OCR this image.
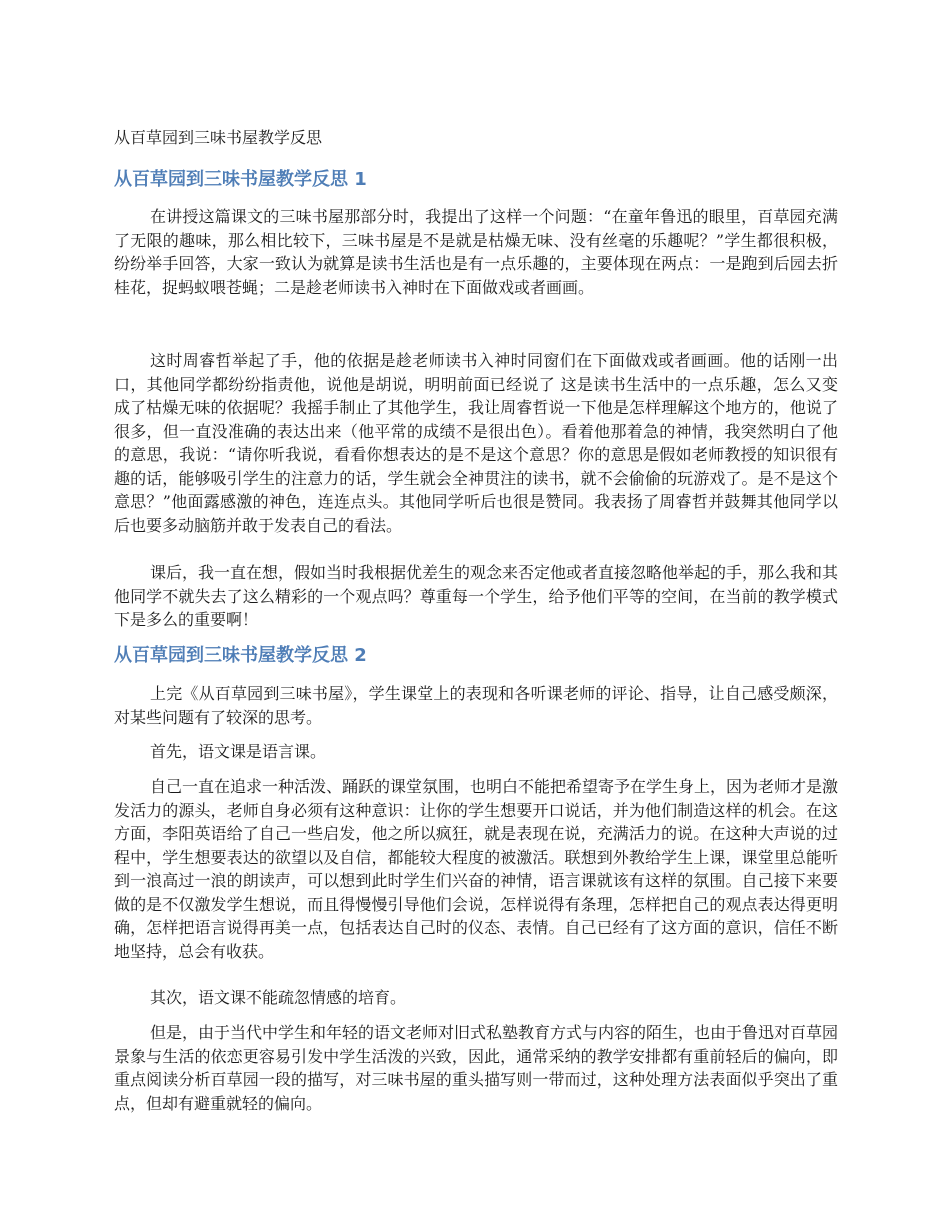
从百草园到三味书屋教学反思
从百草园到三味书屋教学反思 1

在讲授这篇课文的三味书屋那部分时，我提出了这样一个问题：“在童年鲁迅的眼里，百草园充满了无限的趣味，那么相比较下，三味书屋是不是就是枯燥无味、没有丝毫的乐趣呢？”学生都很积极，纷纷举手回答，大家一致认为就算是读书生活也是有一点乐趣的，主要体现在两点：一是跑到后园去折桂花，捉蚂蚁喂苍蝇；二是趁老师读书入神时在下面做戏或者画画。

这时周睿哲举起了手，他的依据是趁老师读书入神时同窗们在下面做戏或者画画。他的话刚一出口，其他同学都纷纷指责他，说他是胡说，明明前面已经说了 这是读书生活中的一点乐趣，怎么又变成了枯燥无味的依据呢？我摇手制止了其他学生，我让周睿哲说一下他是怎样理解这个地方的，他说了很多，但一直没准确的表达出来（他平常的成绩不是很出色）。看着他那着急的神情，我突然明白了他的意思，我说：“请你听我说，看看你想表达的是不是这个意思？你的意思是假如老师教授的知识很有趣的话，能够吸引学生的注意力的话，学生就会全神贯注的读书，就不会偷偷的玩游戏了。是不是这个意思？”他面露感激的神色，连连点头。其他同学听后也很是赞同。我表扬了周睿哲并鼓舞其他同学以后也要多动脑筋并敢于发表自己的看法。

课后，我一直在想，假如当时我根据优差生的观念来否定他或者直接忽略他举起的手，那么我和其他同学不就失去了这么精彩的一个观点吗？尊重每一个学生，给予他们平等的空间，在当前的教学模式下是多么的重要啊！

从百草园到三味书屋教学反思 2

上完《从百草园到三味书屋》，学生课堂上的表现和各听课老师的评论、指导，让自己感受颇深，对某些问题有了较深的思考。

首先，语文课是语言课。

自己一直在追求一种活泼、踊跃的课堂氛围，也明白不能把希望寄予在学生身上，因为老师才是激发活力的源头，老师自身必须有这种意识：让你的学生想要开口说话，并为他们制造这样的机会。在这方面，李阳英语给了自己一些启发，他之所以疯狂，就是表现在说，充满活力的说。在这种大声说的过程中，学生想要表达的欲望以及自信，都能较大程度的被激活。联想到外教给学生上课，课堂里总能听到一浪高过一浪的朗读声，可以想到此时学生们兴奋的神情，语言课就该有这样的氛围。自己接下来要做的是不仅激发学生想说，而且得慢慢引导他们会说，怎样说得有条理，怎样把自己的观点表达得更明确，怎样把语言说得再美一点，包括表达自己时的仪态、表情。自己已经有了这方面的意识，信任不断地坚持，总会有收获。

其次，语文课不能疏忽情感的培育。

但是，由于当代中学生和年轻的语文老师对旧式私塾教育方式与内容的陌生，也由于鲁迅对百草园景象与生活的依恋更容易引发中学生活泼的兴致，因此，通常采纳的教学安排都有重前轻后的偏向，即重点阅读分析百草园一段的描写，对三味书屋的重头描写则一带而过，这种处理方法表面似乎突出了重点，但却有避重就轻的偏向。
